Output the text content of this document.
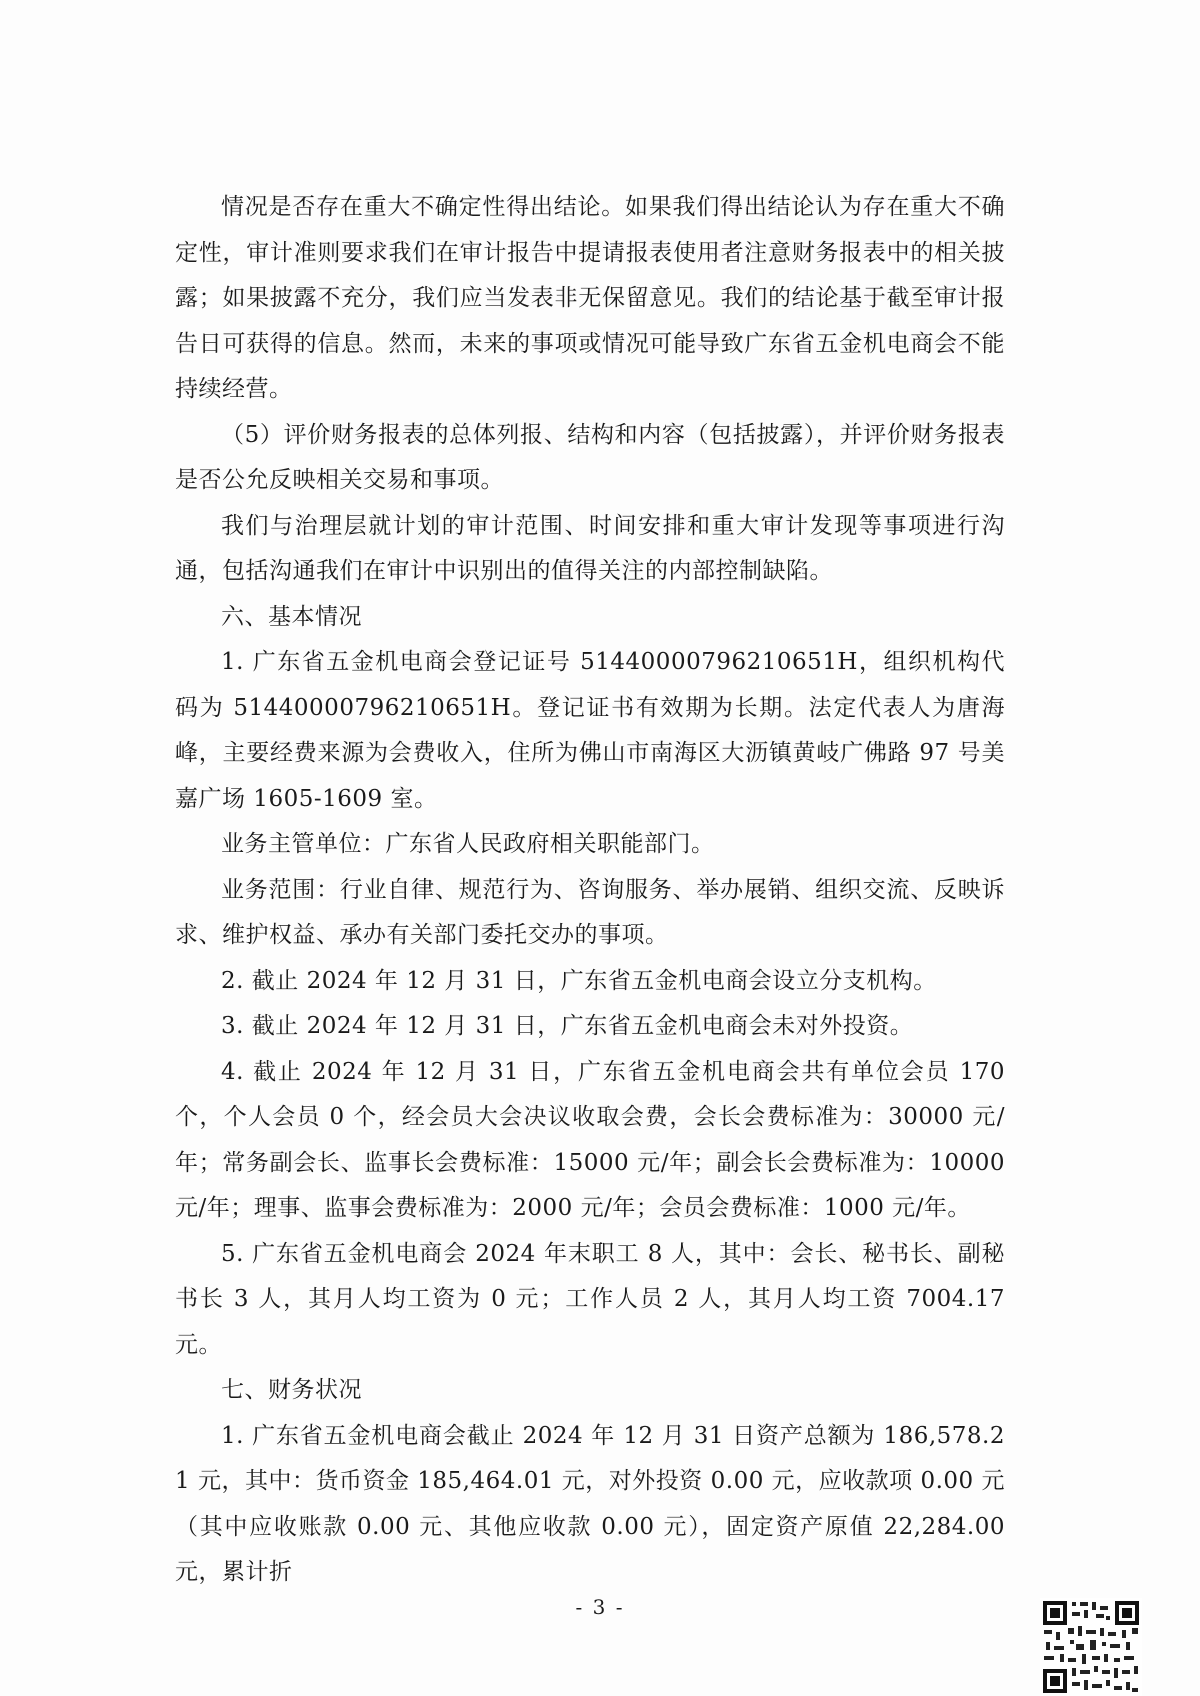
情况是否存在重大不确定性得出结论。如果我们得出结论认为存在重大不确定性，审计准则要求我们在审计报告中提请报表使用者注意财务报表中的相关披露；如果披露不充分，我们应当发表非无保留意见。我们的结论基于截至审计报告日可获得的信息。然而，未来的事项或情况可能导致广东省五金机电商会不能持续经营。

（5）评价财务报表的总体列报、结构和内容（包括披露），并评价财务报表是否公允反映相关交易和事项。

我们与治理层就计划的审计范围、时间安排和重大审计发现等事项进行沟通，包括沟通我们在审计中识别出的值得关注的内部控制缺陷。

六、基本情况

1. 广东省五金机电商会登记证号 51440000796210651H，组织机构代码为 51440000796210651H。登记证书有效期为长期。法定代表人为唐海峰，主要经费来源为会费收入，住所为佛山市南海区大沥镇黄岐广佛路 97 号美嘉广场 1605-1609 室。

业务主管单位：广东省人民政府相关职能部门。

业务范围：行业自律、规范行为、咨询服务、举办展销、组织交流、反映诉求、维护权益、承办有关部门委托交办的事项。

2. 截止 2024 年 12 月 31 日，广东省五金机电商会设立分支机构。

3. 截止 2024 年 12 月 31 日，广东省五金机电商会未对外投资。

4. 截止 2024 年 12 月 31 日，广东省五金机电商会共有单位会员 170 个，个人会员 0 个，经会员大会决议收取会费，会长会费标准为：30000 元/年；常务副会长、监事长会费标准：15000 元/年；副会长会费标准为：10000 元/年；理事、监事会费标准为：2000 元/年；会员会费标准：1000 元/年。

5. 广东省五金机电商会 2024 年末职工 8 人，其中：会长、秘书长、副秘书长 3 人，其月人均工资为 0 元；工作人员 2 人，其月人均工资 7004.17 元。

七、财务状况

1. 广东省五金机电商会截止 2024 年 12 月 31 日资产总额为 186,578.21 元，其中：货币资金 185,464.01 元，对外投资 0.00 元，应收款项 0.00 元（其中应收账款 0.00 元、其他应收款 0.00 元），固定资产原值 22,284.00 元，累计折

- 3 -
